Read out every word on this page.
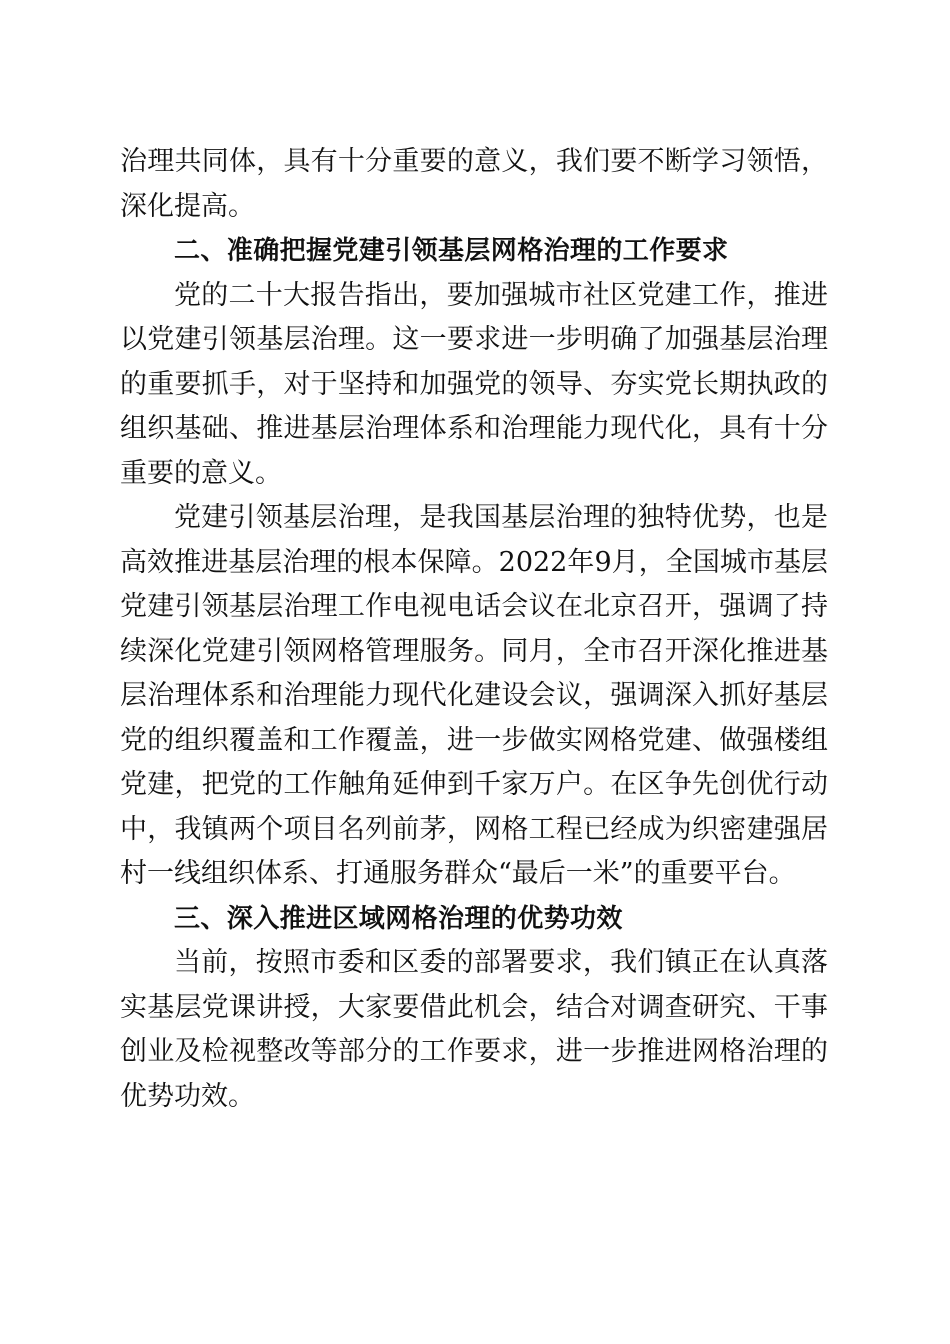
治理共同体，具有十分重要的意义，我们要不断学习领悟，深化提高。

二、准确把握党建引领基层网格治理的工作要求

党的二十大报告指出，要加强城市社区党建工作，推进以党建引领基层治理。这一要求进一步明确了加强基层治理的重要抓手，对于坚持和加强党的领导、夯实党长期执政的组织基础、推进基层治理体系和治理能力现代化，具有十分重要的意义。

党建引领基层治理，是我国基层治理的独特优势，也是高效推进基层治理的根本保障。2022年9月，全国城市基层党建引领基层治理工作电视电话会议在北京召开，强调了持续深化党建引领网格管理服务。同月，全市召开深化推进基层治理体系和治理能力现代化建设会议，强调深入抓好基层党的组织覆盖和工作覆盖，进一步做实网格党建、做强楼组党建，把党的工作触角延伸到千家万户。在区争先创优行动中，我镇两个项目名列前茅，网格工程已经成为织密建强居村一线组织体系、打通服务群众“最后一米”的重要平台。

三、深入推进区域网格治理的优势功效

当前，按照市委和区委的部署要求，我们镇正在认真落实基层党课讲授，大家要借此机会，结合对调查研究、干事创业及检视整改等部分的工作要求，进一步推进网格治理的优势功效。
